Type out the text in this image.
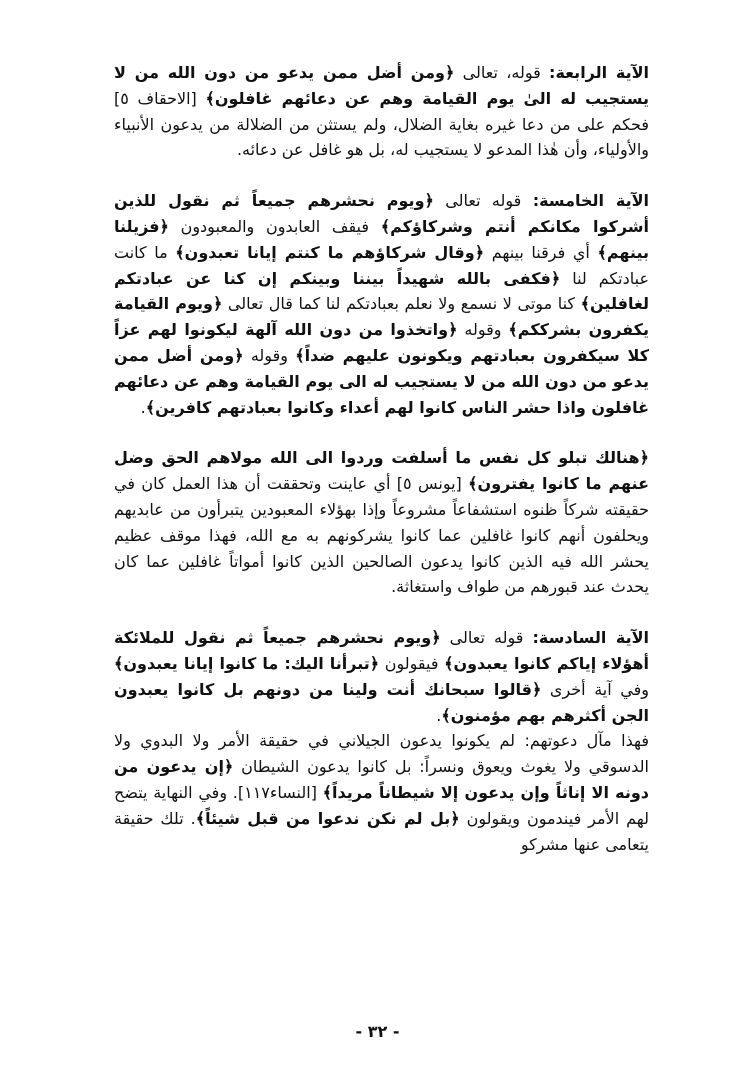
الآية الرابعة: قوله، تعالى ﴿ومن أضل ممن يدعو من دون الله من لا يستجيب له الىٰ يوم القيامة وهم عن دعائهم غافلون﴾ [الاحقاف ٥] فحكم على من دعا غيره بغاية الضلال، ولم يستثن من الضلالة من يدعون الأنبياء والأولياء، وأن هٰذا المدعو لا يستجيب له، بل هو غافل عن دعائه.

الآية الخامسة: قوله تعالى ﴿ويوم نحشرهم جميعاً ثم نقول للذين أشركوا مكانكم أنتم وشركاؤكم﴾ فيقف العابدون والمعبودون ﴿فزيلنا بينهم﴾ أي فرقنا بينهم ﴿وقال شركاؤهم ما كنتم إيانا تعبدون﴾ ما كانت عبادتكم لنا ﴿فكفى بالله شهيداً بيننا وبينكم إن كنا عن عبادتكم لغافلين﴾ كنا موتى لا نسمع ولا نعلم بعبادتكم لنا كما قال تعالى ﴿ويوم القيامة يكفرون بشرككم﴾ وقوله ﴿واتخذوا من دون الله آلهة ليكونوا لهم عزاً كلا سيكفرون بعبادتهم ويكونون عليهم ضداً﴾ وقوله ﴿ومن أضل ممن يدعو من دون الله من لا يستجيب له الى يوم القيامة وهم عن دعائهم غافلون واذا حشر الناس كانوا لهم أعداء وكانوا بعبادتهم كافرين﴾.

﴿هنالك تبلو كل نفس ما أسلفت وردوا الى الله مولاهم الحق وضل عنهم ما كانوا يفترون﴾ [يونس ٥] أي عاينت وتحققت أن هذا العمل كان في حقيقته شركاً ظنوه استشفاعاً مشروعاً وإذا بهؤلاء المعبودين يتبرأون من عابديهم ويحلفون أنهم كانوا غافلين عما كانوا يشركونهم به مع الله، فهذا موقف عظيم يحشر الله فيه الذين كانوا يدعون الصالحين الذين كانوا أمواتاً غافلين عما كان يحدث عند قبورهم من طواف واستغاثة.

الآية السادسة: قوله تعالى ﴿ويوم نحشرهم جميعاً ثم نقول للملائكة أهؤلاء إياكم كانوا يعبدون﴾ فيقولون ﴿تبرأنا اليك: ما كانوا إيانا يعبدون﴾ وفي آية أخرى ﴿قالوا سبحانك أنت ولينا من دونهم بل كانوا يعبدون الجن أكثرهم بهم مؤمنون﴾.

فهذا مآل دعوتهم: لم يكونوا يدعون الجيلاني في حقيقة الأمر ولا البدوي ولا الدسوقي ولا يغوث ويعوق ونسراً: بل كانوا يدعون الشيطان ﴿إن يدعون من دونه الا إناثاً وإن يدعون إلا شيطاناً مريداً﴾ [النساء١١٧]. وفي النهاية يتضح لهم الأمر فيندمون ويقولون ﴿بل لم نكن ندعوا من قبل شيئاً﴾. تلك حقيقة يتعامى عنها مشركو

- ٣٢ -
